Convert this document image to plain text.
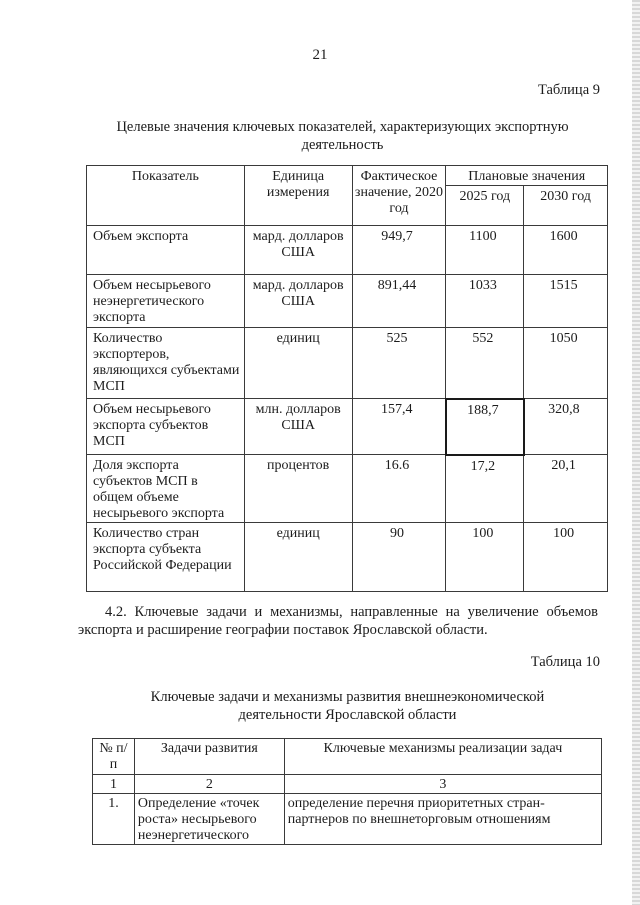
21
Таблица 9
Целевые значения ключевых показателей, характеризующих экспортную
деятельность
Показатель	Единица измерения	Фактическое значение, 2020 год	Плановые значения	
			2025 год	2030 год
Объем экспорта	маpд. долларов США	949,7	1100	1600
Объем несырьевого неэнергетического экспорта	маpд. долларов США	891,44	1033	1515
Количество экспортеров, являющихся субъектами МСП	единиц	525	552	1050
Объем несырьевого экспорта субъектов МСП	млн. долларов США	157,4	188,7	320,8
Доля экспорта субъектов МСП в общем объеме несырьевого экспорта	процентов	16.6	17,2	20,1
Количество стран экспорта субъекта Российской Федерации	единиц	90	100	100
4.2. Ключевые задачи и механизмы, направленные на увеличение объемов экспорта и расширение географии поставок Ярославской области.
Таблица 10
Ключевые задачи и механизмы развития внешнеэкономической
деятельности Ярославской области
№ п/п	Задачи развития	Ключевые механизмы реализации задач
1	2	3
1.	Определение «точек роста» несырьевого неэнергетического	определение перечня приоритетных стран-партнеров по внешнеторговым отношениям
